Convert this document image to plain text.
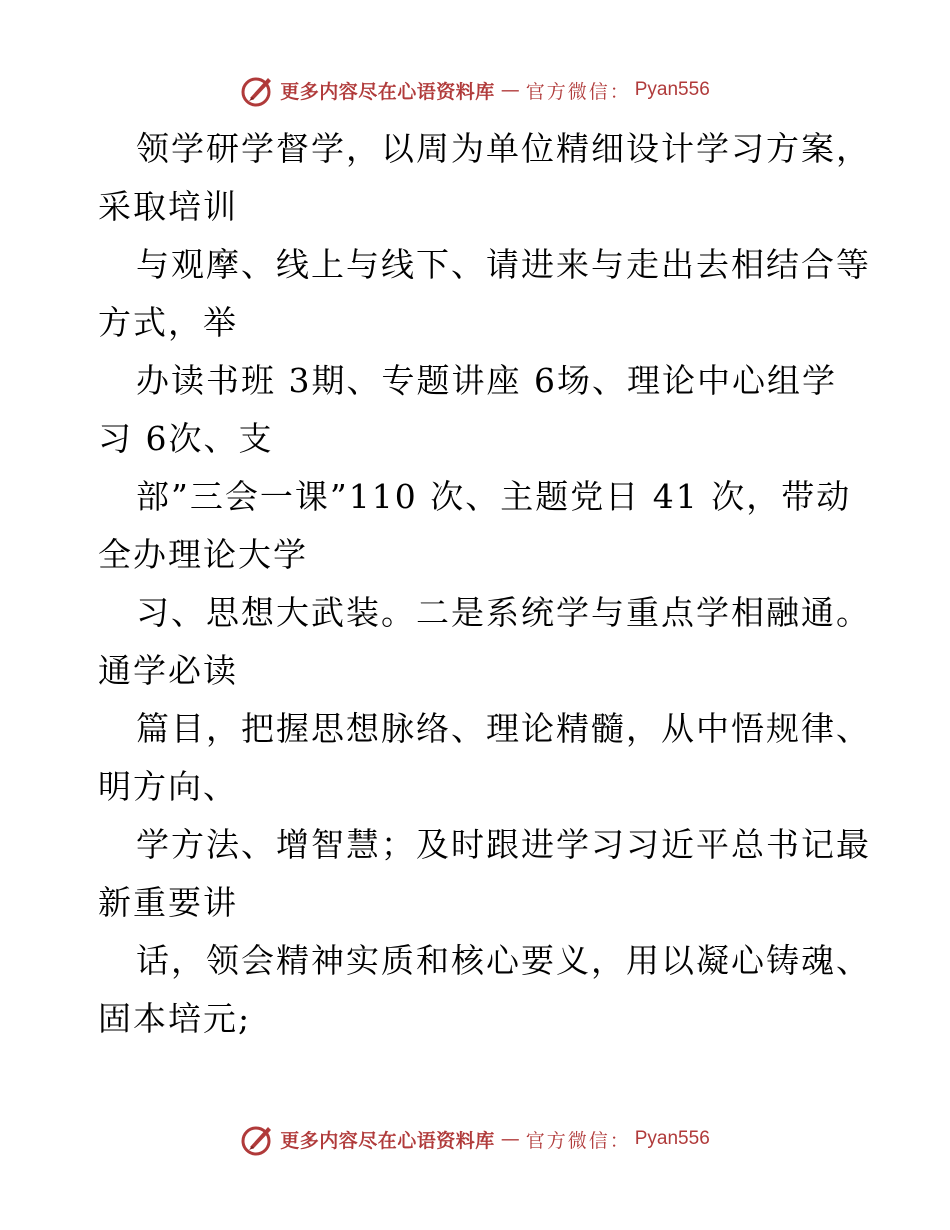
更多内容尽在心语资料库 — 官方微信： Pyan556
领学研学督学，以周为单位精细设计学习方案，
采取培训
与观摩、线上与线下、请进来与走出去相结合等
方式，举
办读书班 3期、专题讲座 6场、理论中心组学
习 6次、支
部”三会一课”110 次、主题党日 41 次，带动
全办理论大学
习、思想大武装。二是系统学与重点学相融通。
通学必读
篇目，把握思想脉络、理论精髓，从中悟规律、
明方向、
学方法、增智慧；及时跟进学习习近平总书记最
新重要讲
话，领会精神实质和核心要义，用以凝心铸魂、
固本培元;
更多内容尽在心语资料库 — 官方微信： Pyan556
